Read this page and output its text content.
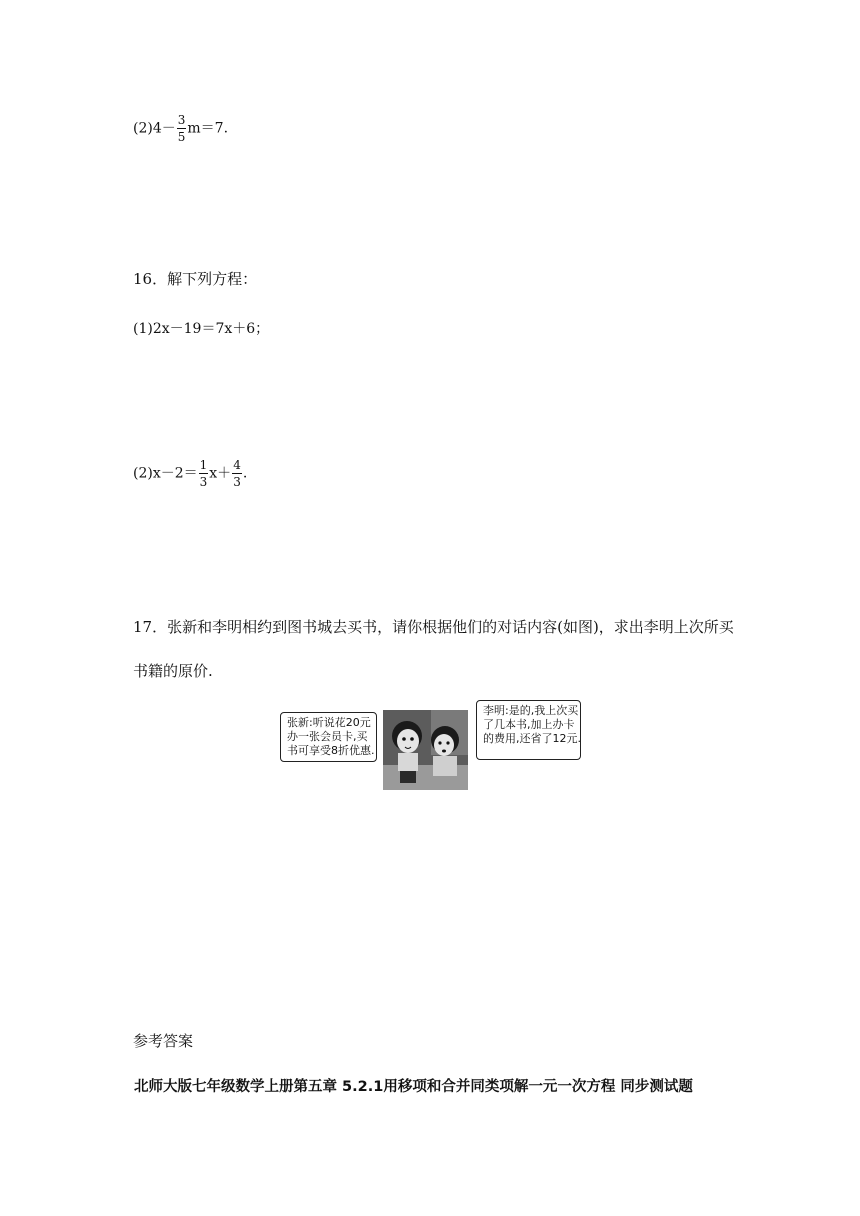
$(2)4- \frac{3}{5} m=7$.
16．解下列方程：
(1)2x－19＝7x＋6；
$(2)x-2= \frac{1}{3} x+ \frac{4}{3}$ .
17．张新和李明相约到图书城去买书，请你根据他们的对话内容(如图)，求出李明上次所买
书籍的原价.
张新:听说花20元
办一张会员卡,买
书可享受8折优惠.
李明:是的,我上次买
了几本书,加上办卡
的费用,还省了12元.
参考答案
北师大版七年级数学上册第五章 5.2.1用移项和合并同类项解一元一次方程 同步测试题
